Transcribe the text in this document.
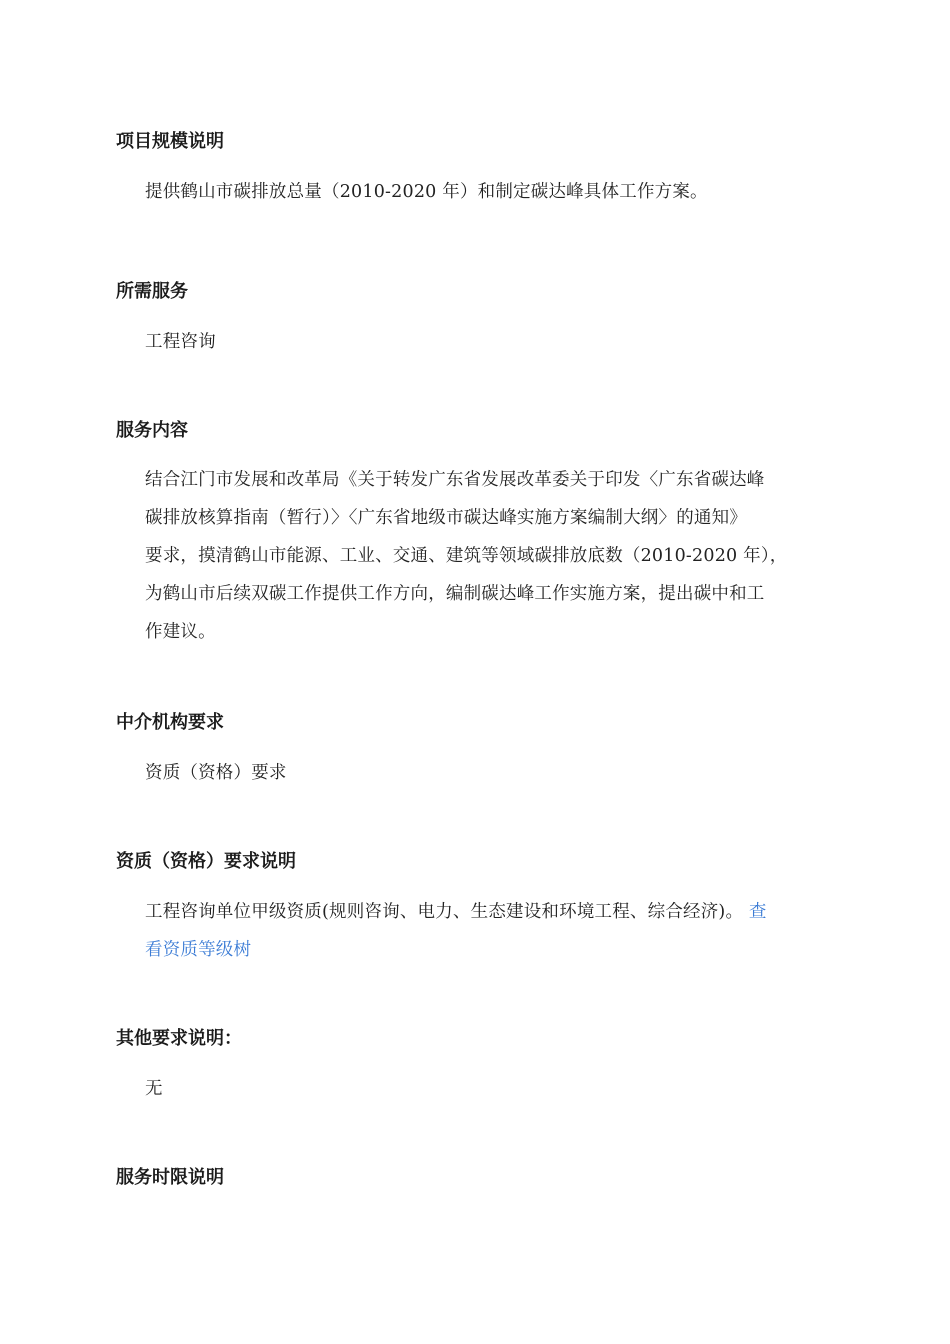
项目规模说明

提供鹤山市碳排放总量（2010-2020 年）和制定碳达峰具体工作方案。

所需服务

工程咨询

服务内容

结合江门市发展和改革局《关于转发广东省发展改革委关于印发〈广东省碳达峰
碳排放核算指南（暂行）〉〈广东省地级市碳达峰实施方案编制大纲〉的通知》
要求，摸清鹤山市能源、工业、交通、建筑等领域碳排放底数（2010-2020 年），
为鹤山市后续双碳工作提供工作方向，编制碳达峰工作实施方案，提出碳中和工
作建议。

中介机构要求

资质（资格）要求

资质（资格）要求说明

工程咨询单位甲级资质(规则咨询、电力、生态建设和环境工程、综合经济)。 查
看资质等级树

其他要求说明：

无

服务时限说明
